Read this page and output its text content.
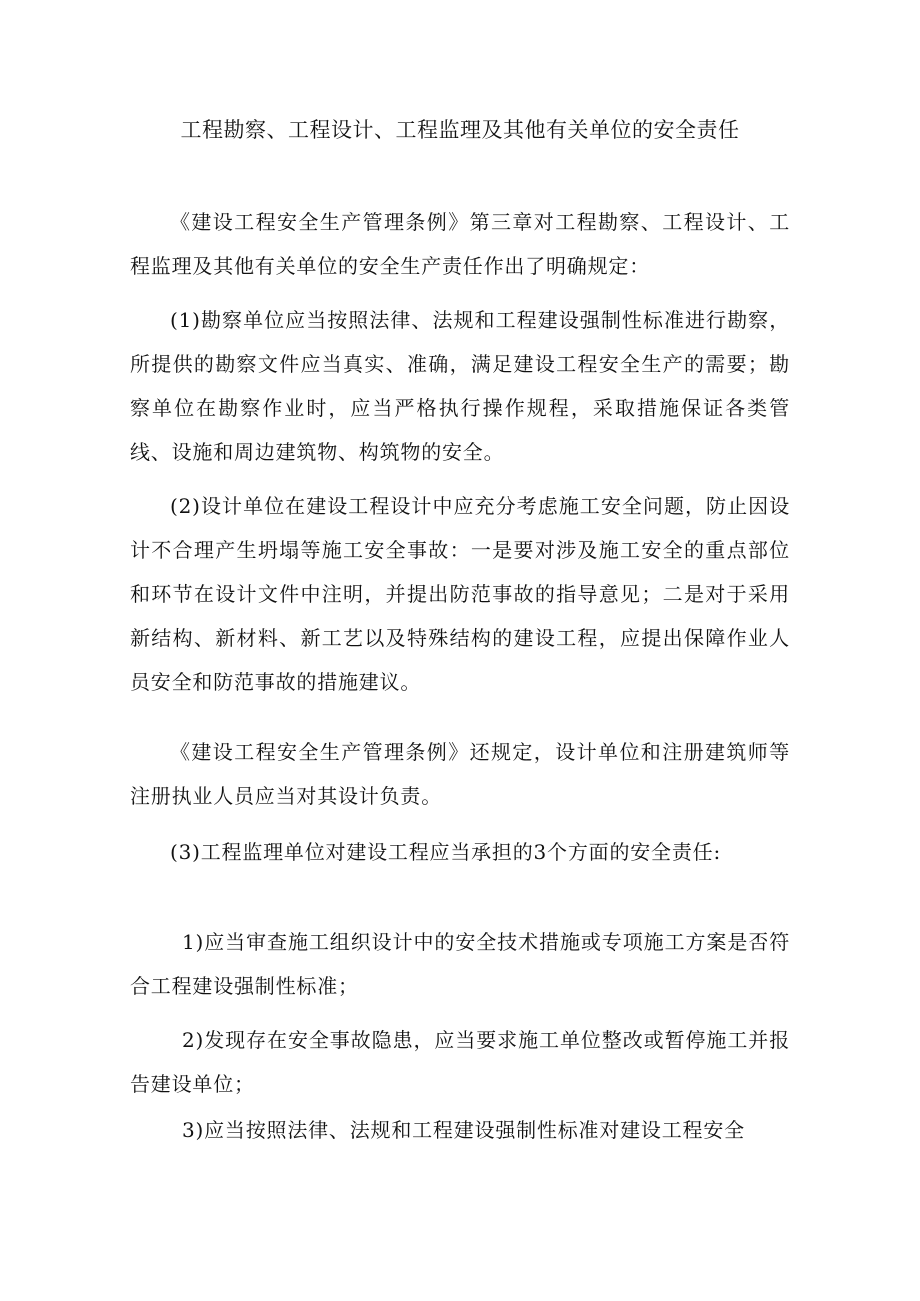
工程勘察、工程设计、工程监理及其他有关单位的安全责任

《建设工程安全生产管理条例》第三章对工程勘察、工程设计、工程监理及其他有关单位的安全生产责任作出了明确规定：

(1)勘察单位应当按照法律、法规和工程建设强制性标准进行勘察，所提供的勘察文件应当真实、准确，满足建设工程安全生产的需要；勘察单位在勘察作业时，应当严格执行操作规程，采取措施保证各类管线、设施和周边建筑物、构筑物的安全。

(2)设计单位在建设工程设计中应充分考虑施工安全问题，防止因设计不合理产生坍塌等施工安全事故：一是要对涉及施工安全的重点部位和环节在设计文件中注明，并提出防范事故的指导意见；二是对于采用新结构、新材料、新工艺以及特殊结构的建设工程，应提出保障作业人员安全和防范事故的措施建议。

《建设工程安全生产管理条例》还规定，设计单位和注册建筑师等注册执业人员应当对其设计负责。

(3)工程监理单位对建设工程应当承担的3个方面的安全责任:

1)应当审查施工组织设计中的安全技术措施或专项施工方案是否符合工程建设强制性标准；

2)发现存在安全事故隐患，应当要求施工单位整改或暂停施工并报告建设单位；

3)应当按照法律、法规和工程建设强制性标准对建设工程安全
